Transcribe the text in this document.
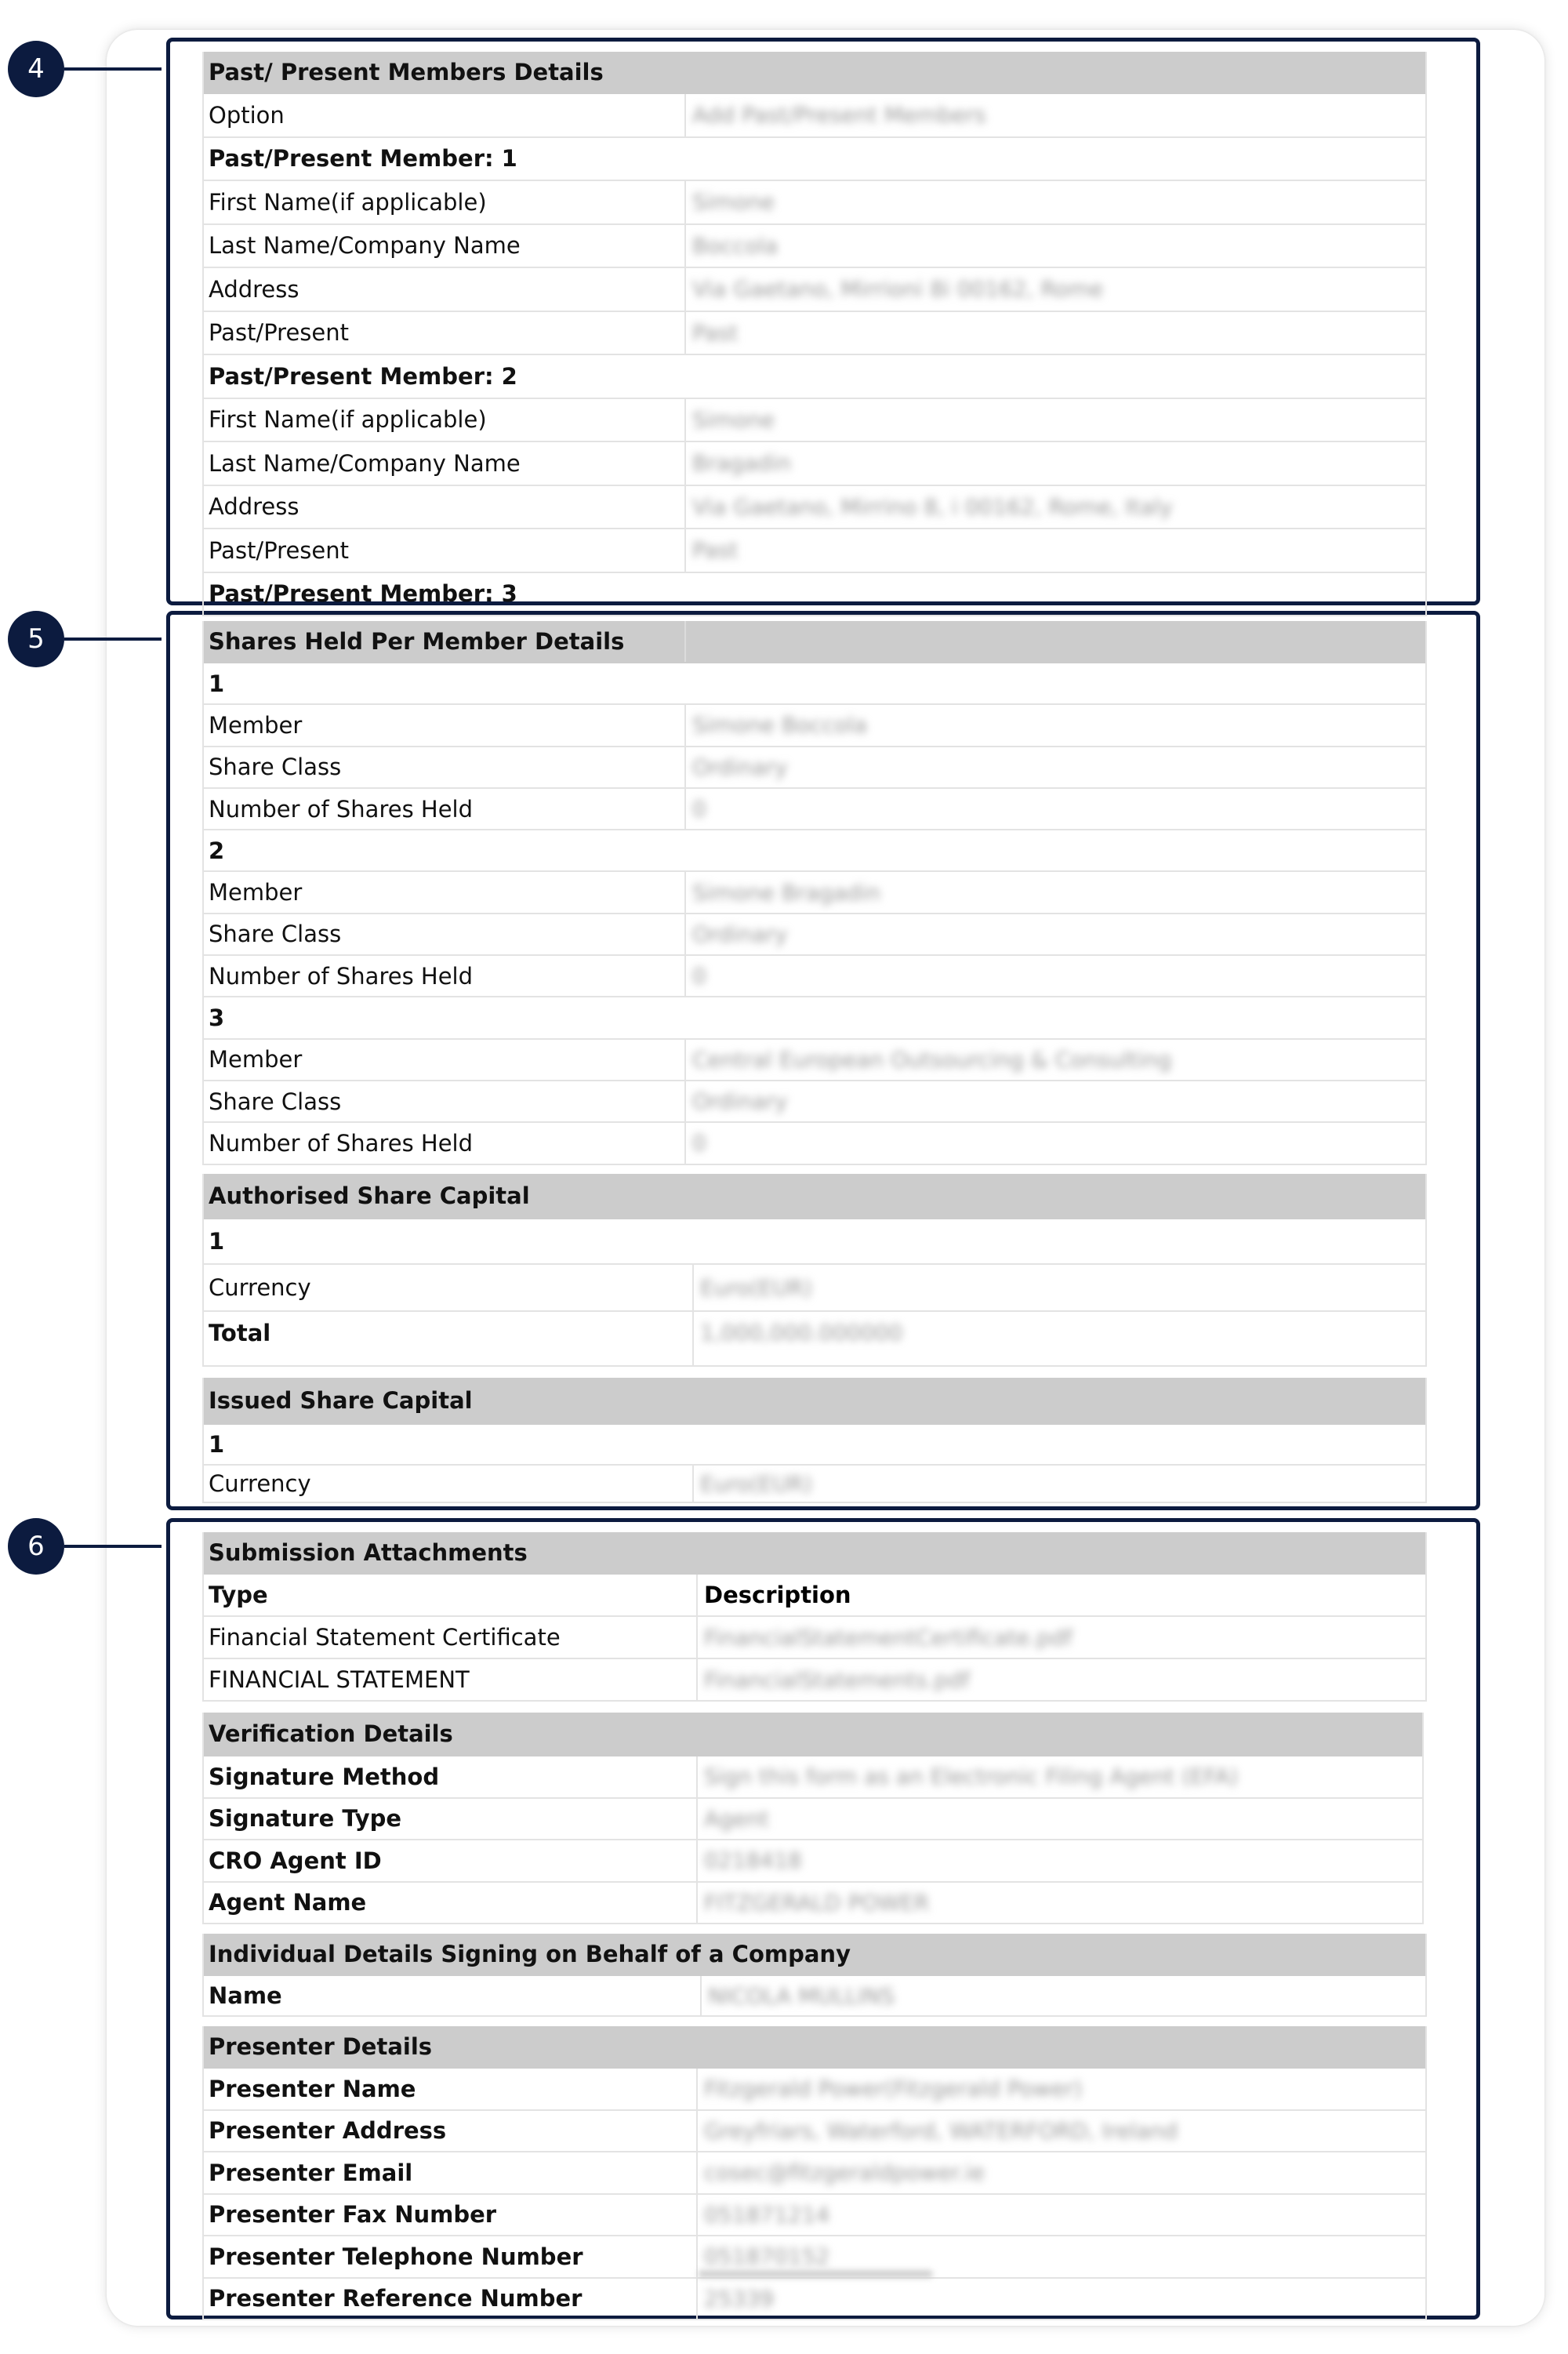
4
5
6
Past/ Present Members Details
Option	Add Past/Present Members
Past/Present Member: 1
First Name(if applicable)	Simone
Last Name/Company Name	Boccola
Address	Via Gaetano, Mirrioni 8i 00162, Rome
Past/Present	Past
Past/Present Member: 2
First Name(if applicable)	Simone
Last Name/Company Name	Bragadin
Address	Via Gaetano, Mirrino 8, i 00162, Rome, Italy
Past/Present	Past
Past/Present Member: 3
Shares Held Per Member Details
1
Member	Simone Boccola
Share Class	Ordinary
Number of Shares Held	0
2
Member	Simone Bragadin
Share Class	Ordinary
Number of Shares Held	0
3
Member	Central European Outsourcing & Consulting
Share Class	Ordinary
Number of Shares Held	0
Authorised Share Capital
1
Currency	Euro(EUR)
Total	1,000,000.000000
Issued Share Capital
1
Currency	Euro(EUR)
Submission Attachments
Type	Description
Financial Statement Certificate	FinancialStatementCertificate.pdf
FINANCIAL STATEMENT	FinancialStatements.pdf
Verification Details
Signature Method	Sign this form as an Electronic Filing Agent (EFA)
Signature Type	Agent
CRO Agent ID	0218418
Agent Name	FITZGERALD POWER
Individual Details Signing on Behalf of a Company
Name	NICOLA MULLINS
Presenter Details
Presenter Name	Fitzgerald Power(Fitzgerald Power)
Presenter Address	Greyfriars, Waterford, WATERFORD, Ireland
Presenter Email	cosec@fitzgeraldpower.ie
Presenter Fax Number	051871214
Presenter Telephone Number	051870152
Presenter Reference Number	25339
